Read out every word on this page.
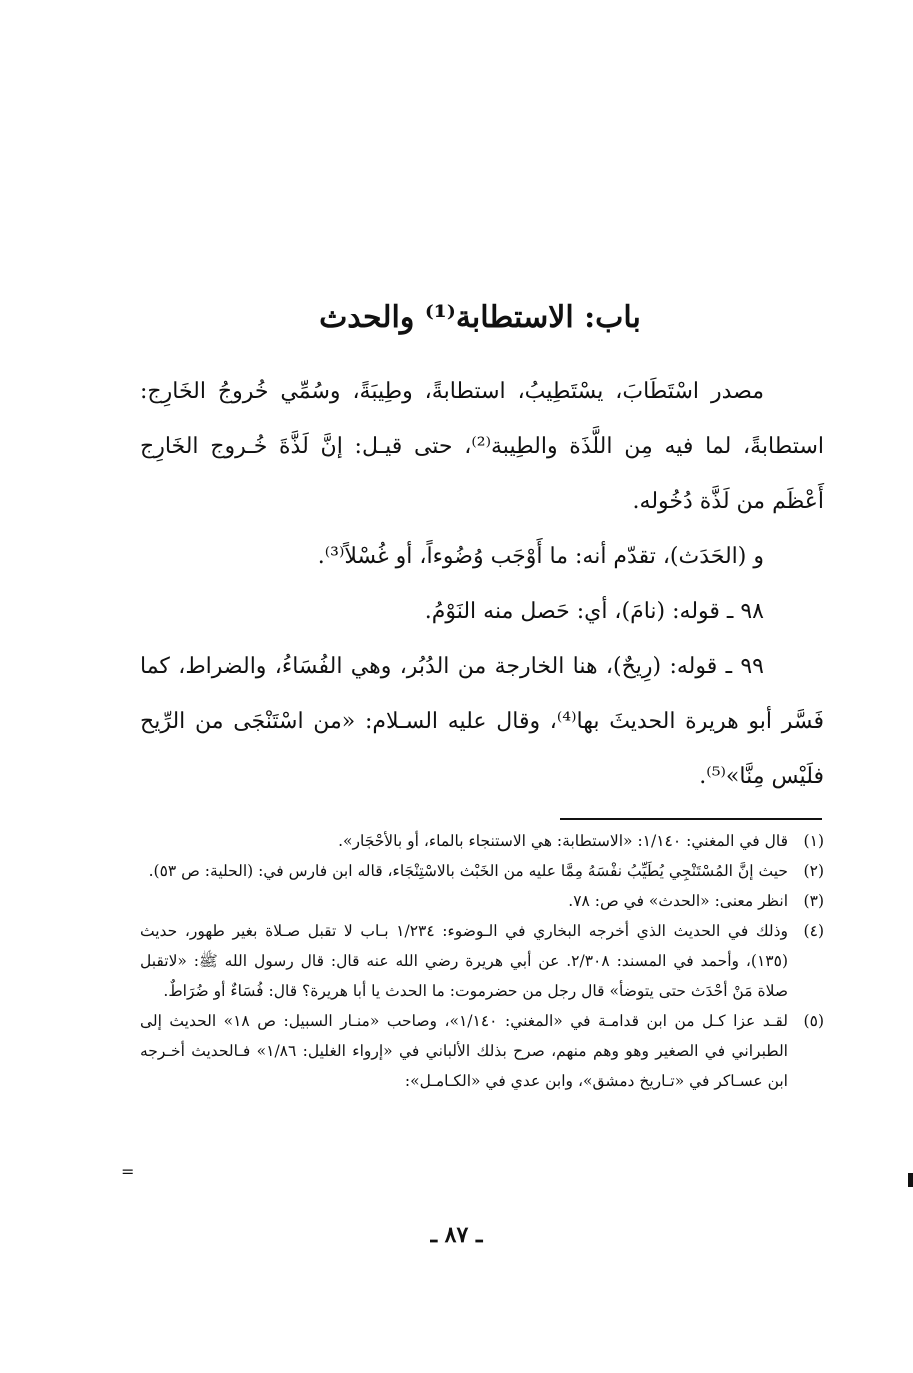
باب: الاستطابة⁽¹⁾ والحدث

مصدر اسْتَطَابَ، يسْتَطِيبُ، استطابةً، وطِيبَةً، وسُمِّي خُروجُ الخَارِج: استطابةً، لما فيه مِن اللَّذَة والطِيبة⁽²⁾، حتى قيـل: إنَّ لَذَّةَ خُـروج الخَارِج أَعْظَم من لَذَّة دُخُوله.

و (الحَدَث)، تقدّم أنه: ما أَوْجَب وُضُوءاً، أو غُسْلاً⁽³⁾.

٩٨ ـ قوله: (نامَ)، أي: حَصل منه النَوْمُ.

٩٩ ـ قوله: (رِيحٌ)، هنا الخارجة من الدُبُر، وهي الفُسَاءُ، والضراط، كما فَسَّر أبو هريرة الحديثَ بها⁽⁴⁾، وقال عليه السـلام: «من اسْتَنْجَى من الرِّيح فلَيْس مِنَّا»⁽⁵⁾.

(١)
قال في المغني: ١/١٤٠: «الاستطابة: هي الاستنجاء بالماء، أو بالأحْجَار».
(٢)
حيث إنَّ المُسْتَنْجِي يُطَيِّبُ نفْسَهُ مِمَّا عليه من الخَبْث بالاسْتِنْجَاء، قاله ابن فارس في: (الحلية: ص ٥٣).
(٣)
انظر معنى: «الحدث» في ص: ٧٨.
(٤)
وذلك في الحديث الذي أخرجه البخاري في الـوضوء: ١/٢٣٤ بـاب لا تقبل صـلاة بغير طهور، حديث (١٣٥)، وأحمد في المسند: ٢/٣٠٨. عن أبي هريرة رضي الله عنه قال: قال رسول الله ﷺ: «لاتقبل صلاة مَنْ أحْدَث حتى يتوضأ» قال رجل من حضرموت: ما الحدث يا أبا هريرة؟ قال: فُسَاءٌ أو ضُرَاطٌ.
(٥)
لقـد عزا كـل من ابن قدامـة في «المغني: ١/١٤٠»، وصاحب «منـار السبيل: ص ١٨» الحديث إلى الطبراني في الصغير وهو وهم منهم، صرح بذلك الألباني في «إرواء الغليل: ١/٨٦» فـالحديث أخـرجه ابن عسـاكر في «تـاريخ دمشق»، وابن عدي في «الكـامـل»:
=
ـ ٨٧ ـ
